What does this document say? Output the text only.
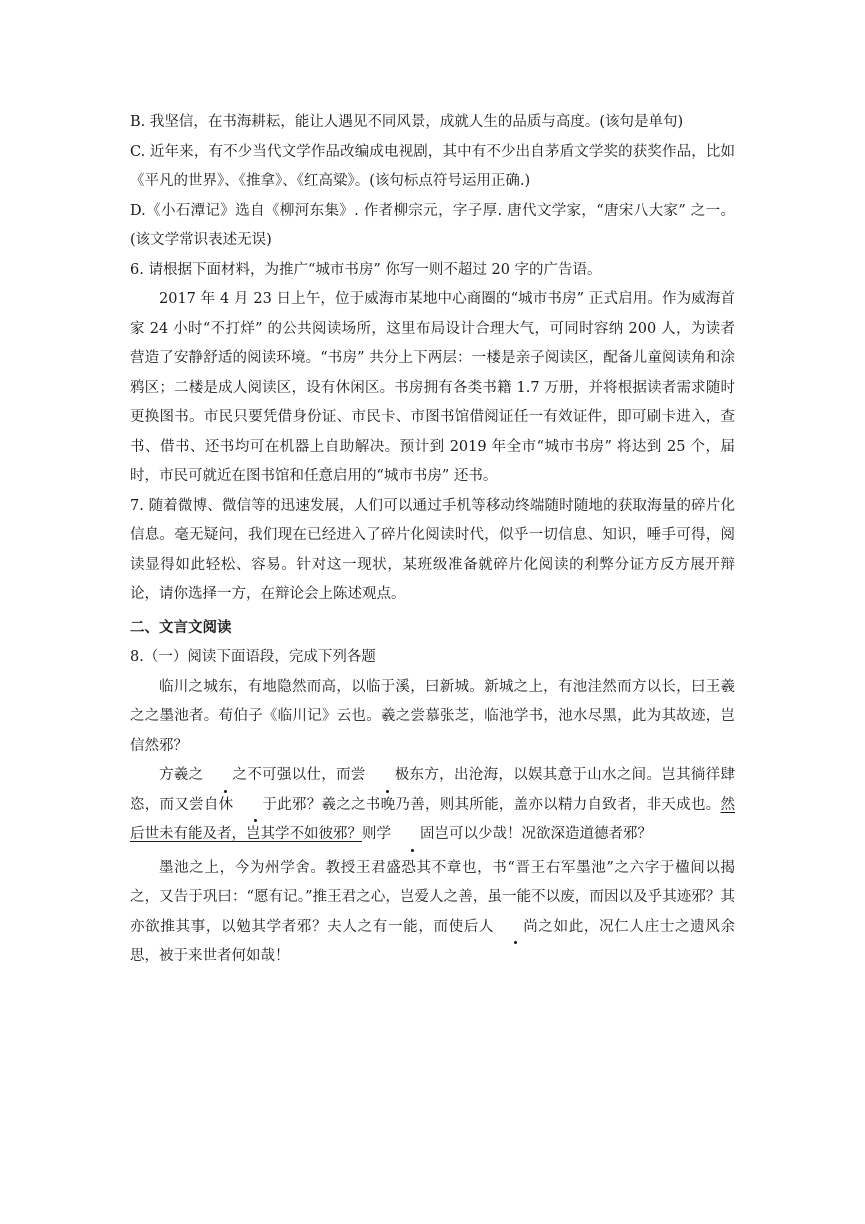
B. 我坚信，在书海耕耘，能让人遇见不同风景，成就人生的品质与高度。(该句是单句)

C. 近年来，有不少当代文学作品改编成电视剧，其中有不少出自茅盾文学奖的获奖作品，比如《平凡的世界》、《推拿》、《红高粱》。(该句标点符号运用正确.)

D.《小石潭记》选自《柳河东集》. 作者柳宗元，字子厚. 唐代文学家，“唐宋八大家” 之一。(该文学常识表述无误)

6. 请根据下面材料，为推广“城市书房” 你写一则不超过 20 字的广告语。

2017 年 4 月 23 日上午，位于威海市某地中心商圈的“城市书房” 正式启用。作为威海首家 24 小时“不打烊” 的公共阅读场所，这里布局设计合理大气，可同时容纳 200 人，为读者营造了安静舒适的阅读环境。“书房” 共分上下两层：一楼是亲子阅读区，配备儿童阅读角和涂鸦区；二楼是成人阅读区，设有休闲区。书房拥有各类书籍 1.7 万册，并将根据读者需求随时更换图书。市民只要凭借身份证、市民卡、市图书馆借阅证任一有效证件，即可刷卡进入，查书、借书、还书均可在机器上自助解决。预计到 2019 年全市“城市书房” 将达到 25 个，届时，市民可就近在图书馆和任意启用的“城市书房” 还书。

7. 随着微博、微信等的迅速发展，人们可以通过手机等移动终端随时随地的获取海量的碎片化信息。毫无疑问，我们现在已经进入了碎片化阅读时代，似乎一切信息、知识，唾手可得，阅读显得如此轻松、容易。针对这一现状，某班级准备就碎片化阅读的利弊分证方反方展开辩论，请你选择一方，在辩论会上陈述观点。

二、文言文阅读

8.（一）阅读下面语段，完成下列各题

临川之城东，有地隐然而高，以临于溪，曰新城。新城之上，有池洼然而方以长，曰王羲之之墨池者。荀伯子《临川记》云也。羲之尝慕张芝，临池学书，池水尽黑，此为其故迹，岂信然邪？

方羲之 之不可强以仕，而尝 极东方，出沧海，以娱其意于山水之间。岂其徜徉肆恣，而又尝自休 于此邪？羲之之书晚乃善，则其所能，盖亦以精力自致者，非天成也。然后世未有能及者，岂其学不如彼邪？则学 固岂可以少哉！况欲深造道德者邪？

墨池之上，今为州学舍。教授王君盛恐其不章也，书“晋王右军墨池”之六字于楹间以揭之，又告于巩曰：“愿有记。”推王君之心，岂爱人之善，虽一能不以废，而因以及乎其迹邪？其亦欲推其事，以勉其学者邪？夫人之有一能，而使后人 尚之如此，况仁人庄士之遗风余思，被于来世者何如哉！
